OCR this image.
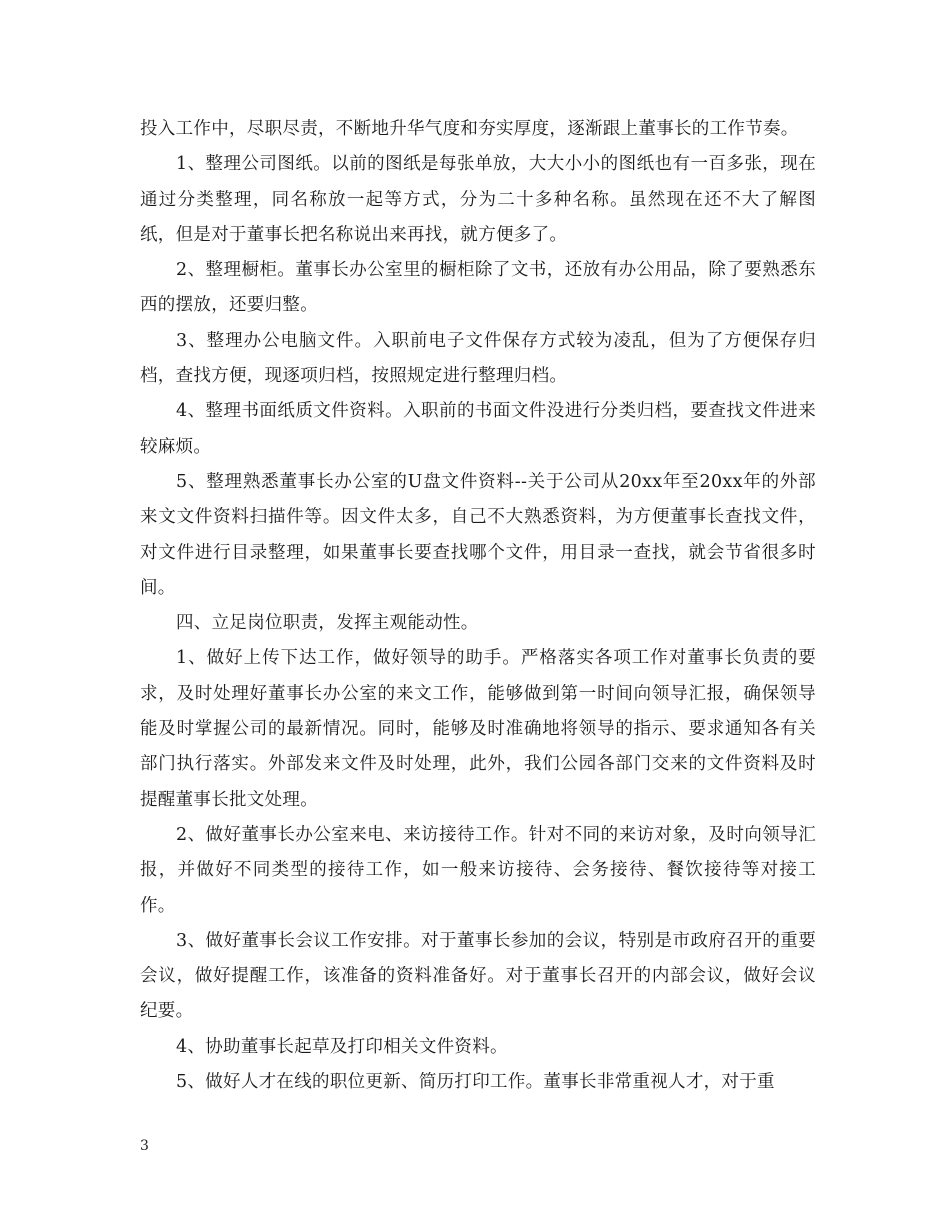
投入工作中，尽职尽责，不断地升华气度和夯实厚度，逐渐跟上董事长的工作节奏。

1、整理公司图纸。以前的图纸是每张单放，大大小小的图纸也有一百多张，现在通过分类整理，同名称放一起等方式，分为二十多种名称。虽然现在还不大了解图纸，但是对于董事长把名称说出来再找，就方便多了。

2、整理橱柜。董事长办公室里的橱柜除了文书，还放有办公用品，除了要熟悉东西的摆放，还要归整。

3、整理办公电脑文件。入职前电子文件保存方式较为凌乱，但为了方便保存归档，查找方便，现逐项归档，按照规定进行整理归档。

4、整理书面纸质文件资料。入职前的书面文件没进行分类归档，要查找文件进来较麻烦。

5、整理熟悉董事长办公室的U盘文件资料--关于公司从20xx年至20xx年的外部来文文件资料扫描件等。因文件太多，自己不大熟悉资料，为方便董事长查找文件，对文件进行目录整理，如果董事长要查找哪个文件，用目录一查找，就会节省很多时间。

四、立足岗位职责，发挥主观能动性。

1、做好上传下达工作，做好领导的助手。严格落实各项工作对董事长负责的要求，及时处理好董事长办公室的来文工作，能够做到第一时间向领导汇报，确保领导能及时掌握公司的最新情况。同时，能够及时准确地将领导的指示、要求通知各有关部门执行落实。外部发来文件及时处理，此外，我们公园各部门交来的文件资料及时提醒董事长批文处理。

2、做好董事长办公室来电、来访接待工作。针对不同的来访对象，及时向领导汇报，并做好不同类型的接待工作，如一般来访接待、会务接待、餐饮接待等对接工作。

3、做好董事长会议工作安排。对于董事长参加的会议，特别是市政府召开的重要会议，做好提醒工作，该准备的资料准备好。对于董事长召开的内部会议，做好会议纪要。

4、协助董事长起草及打印相关文件资料。

5、做好人才在线的职位更新、简历打印工作。董事长非常重视人才，对于重

3
